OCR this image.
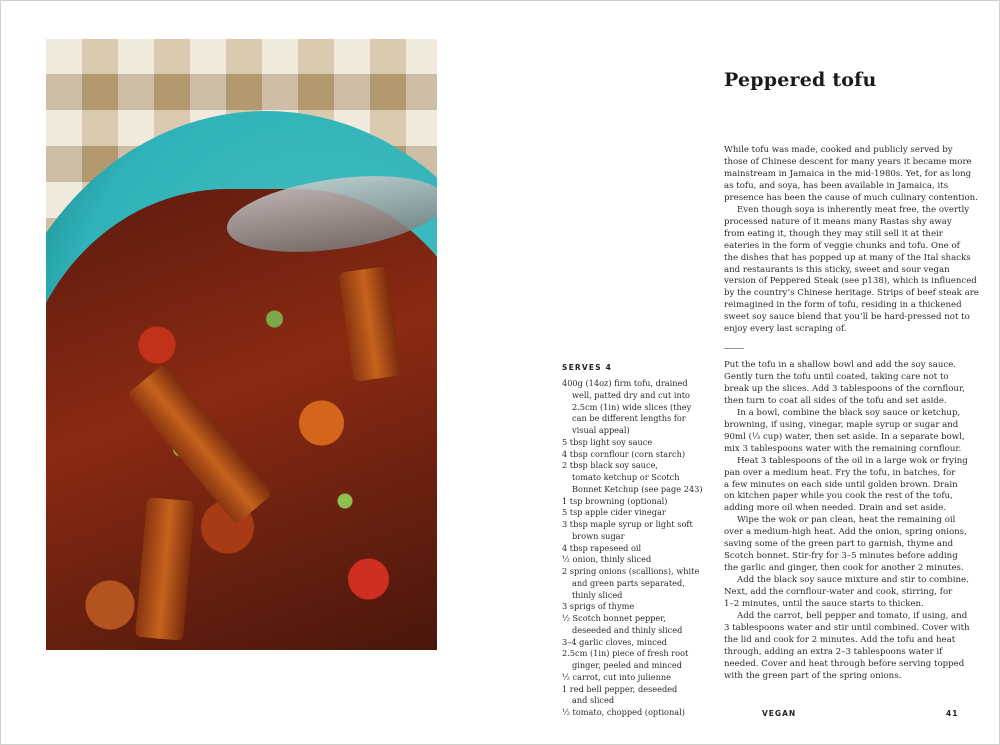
Peppered tofu
While tofu was made, cooked and publicly served by
those of Chinese descent for many years it became more
mainstream in Jamaica in the mid-1980s. Yet, for as long
as tofu, and soya, has been available in Jamaica, its
presence has been the cause of much culinary contention.
Even though soya is inherently meat free, the overtly
processed nature of it means many Rastas shy away
from eating it, though they may still sell it at their
eateries in the form of veggie chunks and tofu. One of
the dishes that has popped up at many of the Ital shacks
and restaurants is this sticky, sweet and sour vegan
version of Peppered Steak (see p138), which is influenced
by the country’s Chinese heritage. Strips of beef steak are
reimagined in the form of tofu, residing in a thickened
sweet soy sauce blend that you’ll be hard-pressed not to
enjoy every last scraping of.
SERVES 4
400g (14oz) firm tofu, drained
well, patted dry and cut into
2.5cm (1in) wide slices (they
can be different lengths for
visual appeal)
5 tbsp light soy sauce
4 tbsp cornflour (corn starch)
2 tbsp black soy sauce,
tomato ketchup or Scotch
Bonnet Ketchup (see page 243)
1 tsp browning (optional)
5 tsp apple cider vinegar
3 tbsp maple syrup or light soft
brown sugar
4 tbsp rapeseed oil
½ onion, thinly sliced
2 spring onions (scallions), white
and green parts separated,
thinly sliced
3 sprigs of thyme
½ Scotch bonnet pepper,
deseeded and thinly sliced
3–4 garlic cloves, minced
2.5cm (1in) piece of fresh root
ginger, peeled and minced
½ carrot, cut into julienne
1 red bell pepper, deseeded
and sliced
½ tomato, chopped (optional)
Put the tofu in a shallow bowl and add the soy sauce.
Gently turn the tofu until coated, taking care not to
break up the slices. Add 3 tablespoons of the cornflour,
then turn to coat all sides of the tofu and set aside.
In a bowl, combine the black soy sauce or ketchup,
browning, if using, vinegar, maple syrup or sugar and
90ml (⅓ cup) water, then set aside. In a separate bowl,
mix 3 tablespoons water with the remaining cornflour.
Heat 3 tablespoons of the oil in a large wok or frying
pan over a medium heat. Fry the tofu, in batches, for
a few minutes on each side until golden brown. Drain
on kitchen paper while you cook the rest of the tofu,
adding more oil when needed. Drain and set aside.
Wipe the wok or pan clean, heat the remaining oil
over a medium-high heat. Add the onion, spring onions,
saving some of the green part to garnish, thyme and
Scotch bonnet. Stir-fry for 3–5 minutes before adding
the garlic and ginger, then cook for another 2 minutes.
Add the black soy sauce mixture and stir to combine.
Next, add the cornflour-water and cook, stirring, for
1–2 minutes, until the sauce starts to thicken.
Add the carrot, bell pepper and tomato, if using, and
3 tablespoons water and stir until combined. Cover with
the lid and cook for 2 minutes. Add the tofu and heat
through, adding an extra 2–3 tablespoons water if
needed. Cover and heat through before serving topped
with the green part of the spring onions.
VEGAN	41
